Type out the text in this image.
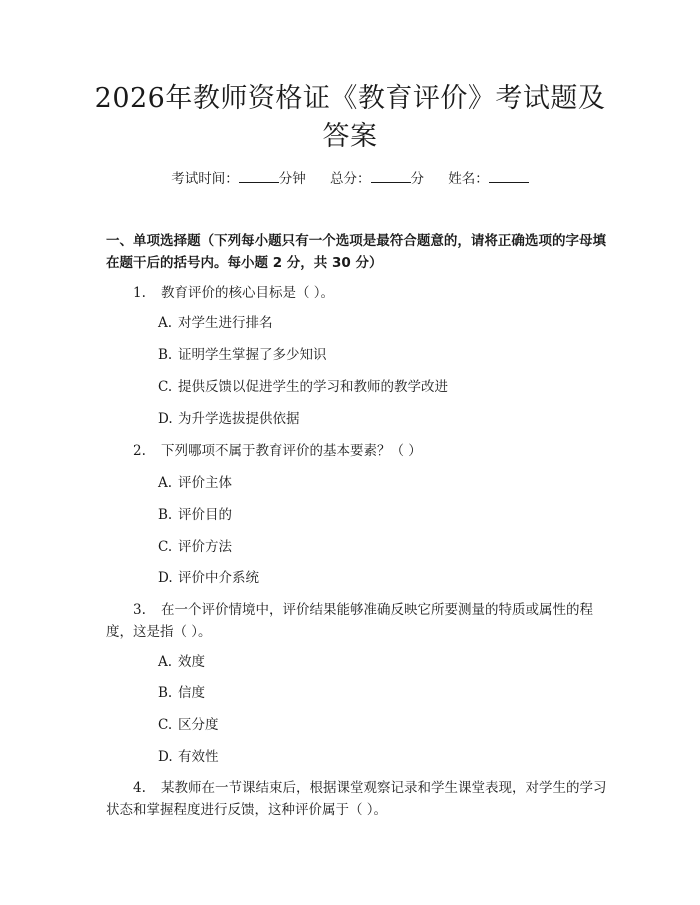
2026年教师资格证《教育评价》考试题及答案
考试时间：	分钟 总分：	分 姓名：
一、单项选择题（下列每小题只有一个选项是最符合题意的，请将正确选项的字母填在题干后的括号内。每小题 2 分，共 30 分）
1. 教育评价的核心目标是（ ）。
A. 对学生进行排名
B. 证明学生掌握了多少知识
C. 提供反馈以促进学生的学习和教师的教学改进
D. 为升学选拔提供依据
2. 下列哪项不属于教育评价的基本要素？（ ）
A. 评价主体
B. 评价目的
C. 评价方法
D. 评价中介系统
3. 在一个评价情境中，评价结果能够准确反映它所要测量的特质或属性的程度，这是指（ ）。
A. 效度
B. 信度
C. 区分度
D. 有效性
4. 某教师在一节课结束后，根据课堂观察记录和学生课堂表现，对学生的学习状态和掌握程度进行反馈，这种评价属于（ ）。
